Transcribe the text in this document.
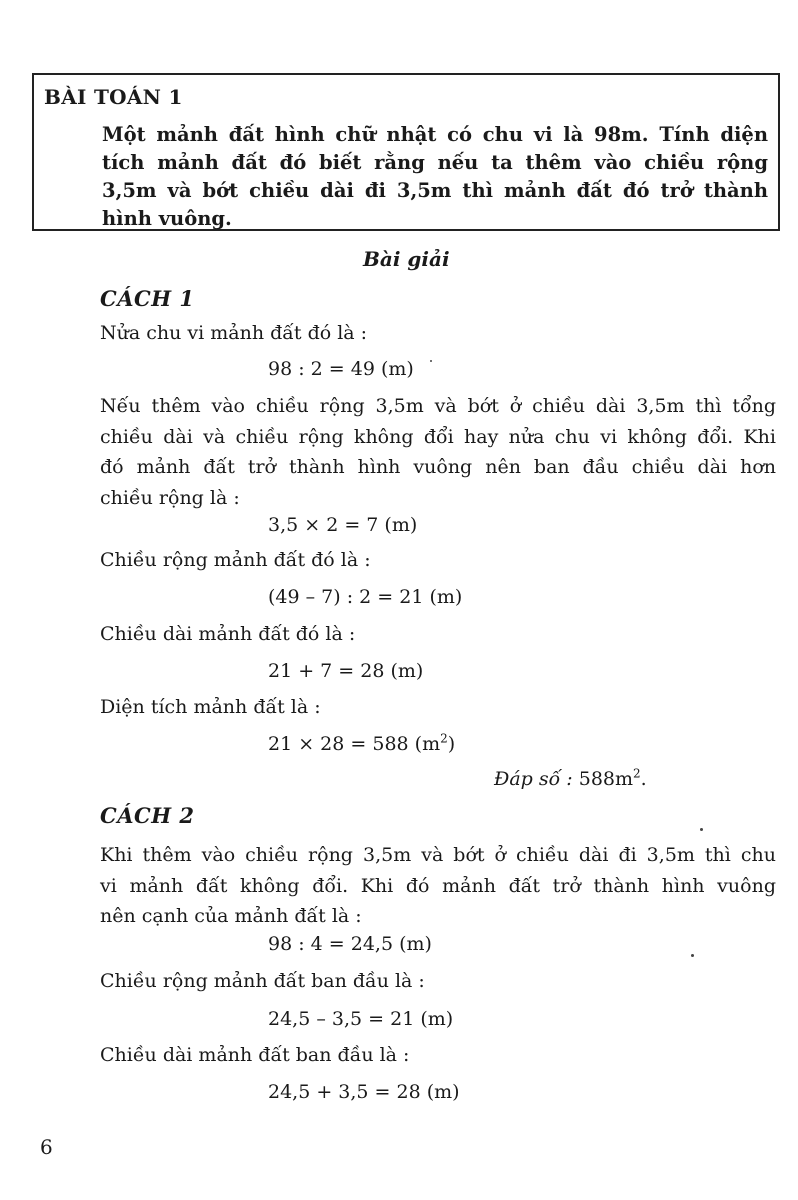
BÀI TOÁN 1
Một mảnh đất hình chữ nhật có chu vi là 98m. Tính diện
tích mảnh đất đó biết rằng nếu ta thêm vào chiều rộng
3,5m và bớt chiều dài đi 3,5m thì mảnh đất đó trở thành
hình vuông.
Bài giải
CÁCH 1
Nửa chu vi mảnh đất đó là :
98 : 2 = 49 (m)
Nếu thêm vào chiều rộng 3,5m và bớt ở chiều dài 3,5m thì tổng
chiều dài và chiều rộng không đổi hay nửa chu vi không đổi. Khi
đó mảnh đất trở thành hình vuông nên ban đầu chiều dài hơn
chiều rộng là :
3,5 × 2 = 7 (m)
Chiều rộng mảnh đất đó là :
(49 – 7) : 2 = 21 (m)
Chiều dài mảnh đất đó là :
21 + 7 = 28 (m)
Diện tích mảnh đất là :
21 × 28 = 588 $(m^2)$
Đáp số : $588m^2$.
CÁCH 2
Khi thêm vào chiều rộng 3,5m và bớt ở chiều dài đi 3,5m thì chu
vi mảnh đất không đổi. Khi đó mảnh đất trở thành hình vuông
nên cạnh của mảnh đất là :
98 : 4 = 24,5 (m)
Chiều rộng mảnh đất ban đầu là :
24,5 – 3,5 = 21 (m)
Chiều dài mảnh đất ban đầu là :
24,5 + 3,5 = 28 (m)
6
